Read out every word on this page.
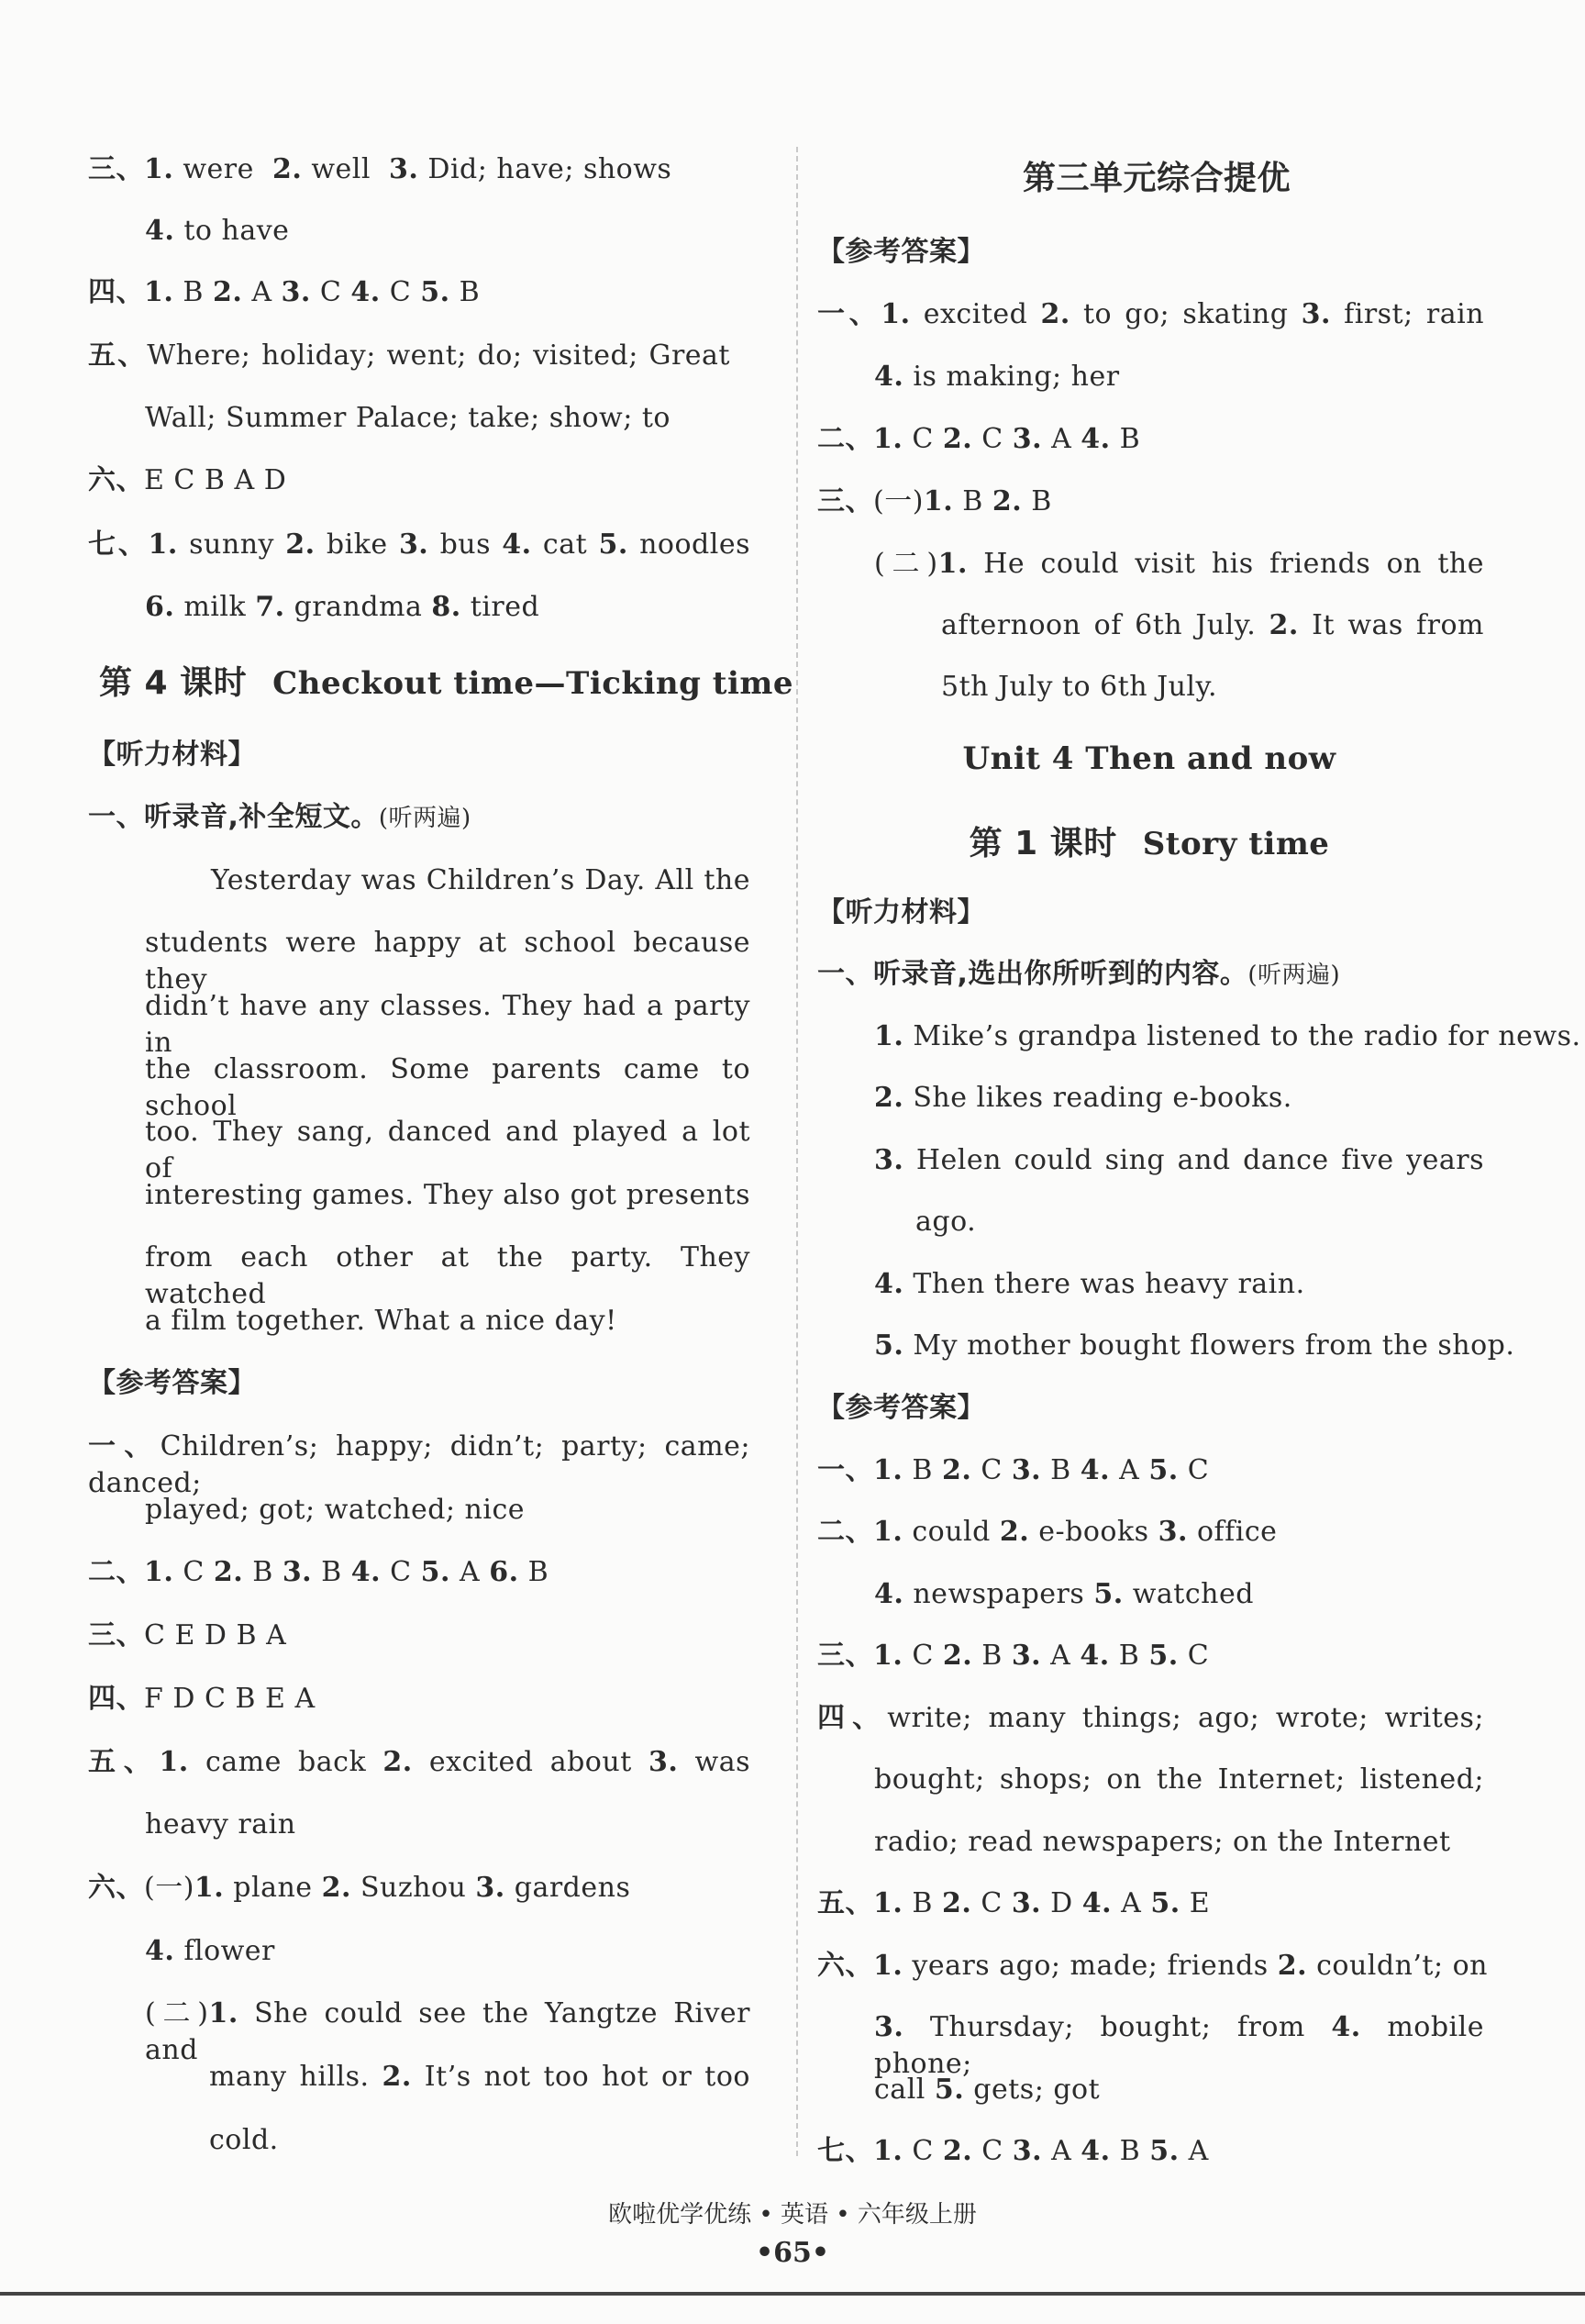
三、1. were  2. well  3. Did; have; shows
4. to have
四、1. B 2. A 3. C 4. C 5. B
五、Where; holiday; went; do; visited; Great
Wall; Summer Palace; take; show; to
六、E C B A D
七、1. sunny 2. bike 3. bus 4. cat 5. noodles
6. milk 7. grandma 8. tired
第 4 课时 Checkout time—Ticking time
【听力材料】
一、听录音,补全短文。(听两遍)
Yesterday was Children’s Day. All the
students were happy at school because they
didn’t have any classes. They had a party in
the classroom. Some parents came to school
too. They sang, danced and played a lot of
interesting games. They also got presents
from each other at the party. They watched
a film together. What a nice day!
【参考答案】
一、Children’s; happy; didn’t; party; came; danced;
played; got; watched; nice
二、1. C 2. B 3. B 4. C 5. A 6. B
三、C E D B A
四、F D C B E A
五、1. came back 2. excited about 3. was
heavy rain
六、(一)1. plane 2. Suzhou 3. gardens
4. flower
(二)1. She could see the Yangtze River and
many hills. 2. It’s not too hot or too
cold.
第三单元综合提优
【参考答案】
一、1. excited 2. to go; skating 3. first; rain
4. is making; her
二、1. C 2. C 3. A 4. B
三、(一)1. B 2. B
(二)1. He could visit his friends on the
afternoon of 6th July. 2. It was from
5th July to 6th July.
Unit 4 Then and now
第 1 课时 Story time
【听力材料】
一、听录音,选出你所听到的内容。(听两遍)
1. Mike’s grandpa listened to the radio for news.
2. She likes reading e-books.
3. Helen could sing and dance five years
ago.
4. Then there was heavy rain.
5. My mother bought flowers from the shop.
【参考答案】
一、1. B 2. C 3. B 4. A 5. C
二、1. could 2. e-books 3. office
4. newspapers 5. watched
三、1. C 2. B 3. A 4. B 5. C
四、write; many things; ago; wrote; writes;
bought; shops; on the Internet; listened;
radio; read newspapers; on the Internet
五、1. B 2. C 3. D 4. A 5. E
六、1. years ago; made; friends 2. couldn’t; on
3. Thursday; bought; from 4. mobile phone;
call 5. gets; got
七、1. C 2. C 3. A 4. B 5. A
欧啦优学优练 • 英语 • 六年级上册
•65•
